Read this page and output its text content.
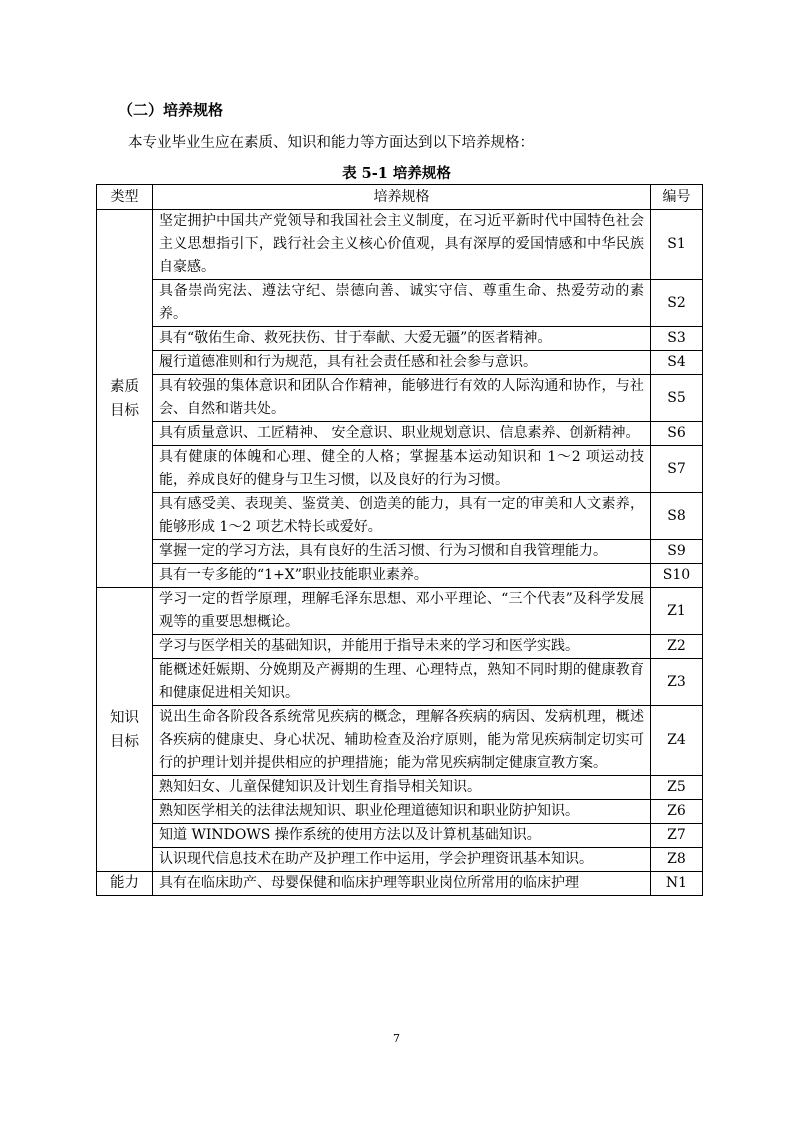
（二）培养规格
本专业毕业生应在素质、知识和能力等方面达到以下培养规格：
表 5-1 培养规格
类型	培养规格	编号
素质目标	坚定拥护中国共产党领导和我国社会主义制度，在习近平新时代中国特色社会主义思想指引下，践行社会主义核心价值观，具有深厚的爱国情感和中华民族自豪感。	S1
	具备崇尚宪法、遵法守纪、崇德向善、诚实守信、尊重生命、热爱劳动的素养。	S2
	具有“敬佑生命、救死扶伤、甘于奉献、大爱无疆”的医者精神。	S3
	履行道德准则和行为规范，具有社会责任感和社会参与意识。	S4
	具有较强的集体意识和团队合作精神，能够进行有效的人际沟通和协作，与社会、自然和谐共处。	S5
	具有质量意识、工匠精神、 安全意识、职业规划意识、信息素养、创新精神。	S6
	具有健康的体魄和心理、健全的人格；掌握基本运动知识和 1～2 项运动技能，养成良好的健身与卫生习惯，以及良好的行为习惯。	S7
	具有感受美、表现美、鉴赏美、创造美的能力，具有一定的审美和人文素养，能够形成 1～2 项艺术特长或爱好。	S8
	掌握一定的学习方法，具有良好的生活习惯、行为习惯和自我管理能力。	S9
	具有一专多能的“1+X”职业技能职业素养。	S10
知识目标	学习一定的哲学原理，理解毛泽东思想、邓小平理论、“三个代表”及科学发展观等的重要思想概论。	Z1
	学习与医学相关的基础知识，并能用于指导未来的学习和医学实践。	Z2
	能概述妊娠期、分娩期及产褥期的生理、心理特点，熟知不同时期的健康教育和健康促进相关知识。	Z3
	说出生命各阶段各系统常见疾病的概念，理解各疾病的病因、发病机理，概述各疾病的健康史、身心状况、辅助检查及治疗原则，能为常见疾病制定切实可行的护理计划并提供相应的护理措施；能为常见疾病制定健康宣教方案。	Z4
	熟知妇女、儿童保健知识及计划生育指导相关知识。	Z5
	熟知医学相关的法律法规知识、职业伦理道德知识和职业防护知识。	Z6
	知道 WINDOWS 操作系统的使用方法以及计算机基础知识。	Z7
	认识现代信息技术在助产及护理工作中运用，学会护理资讯基本知识。	Z8
能力	具有在临床助产、母婴保健和临床护理等职业岗位所常用的临床护理	N1
7
